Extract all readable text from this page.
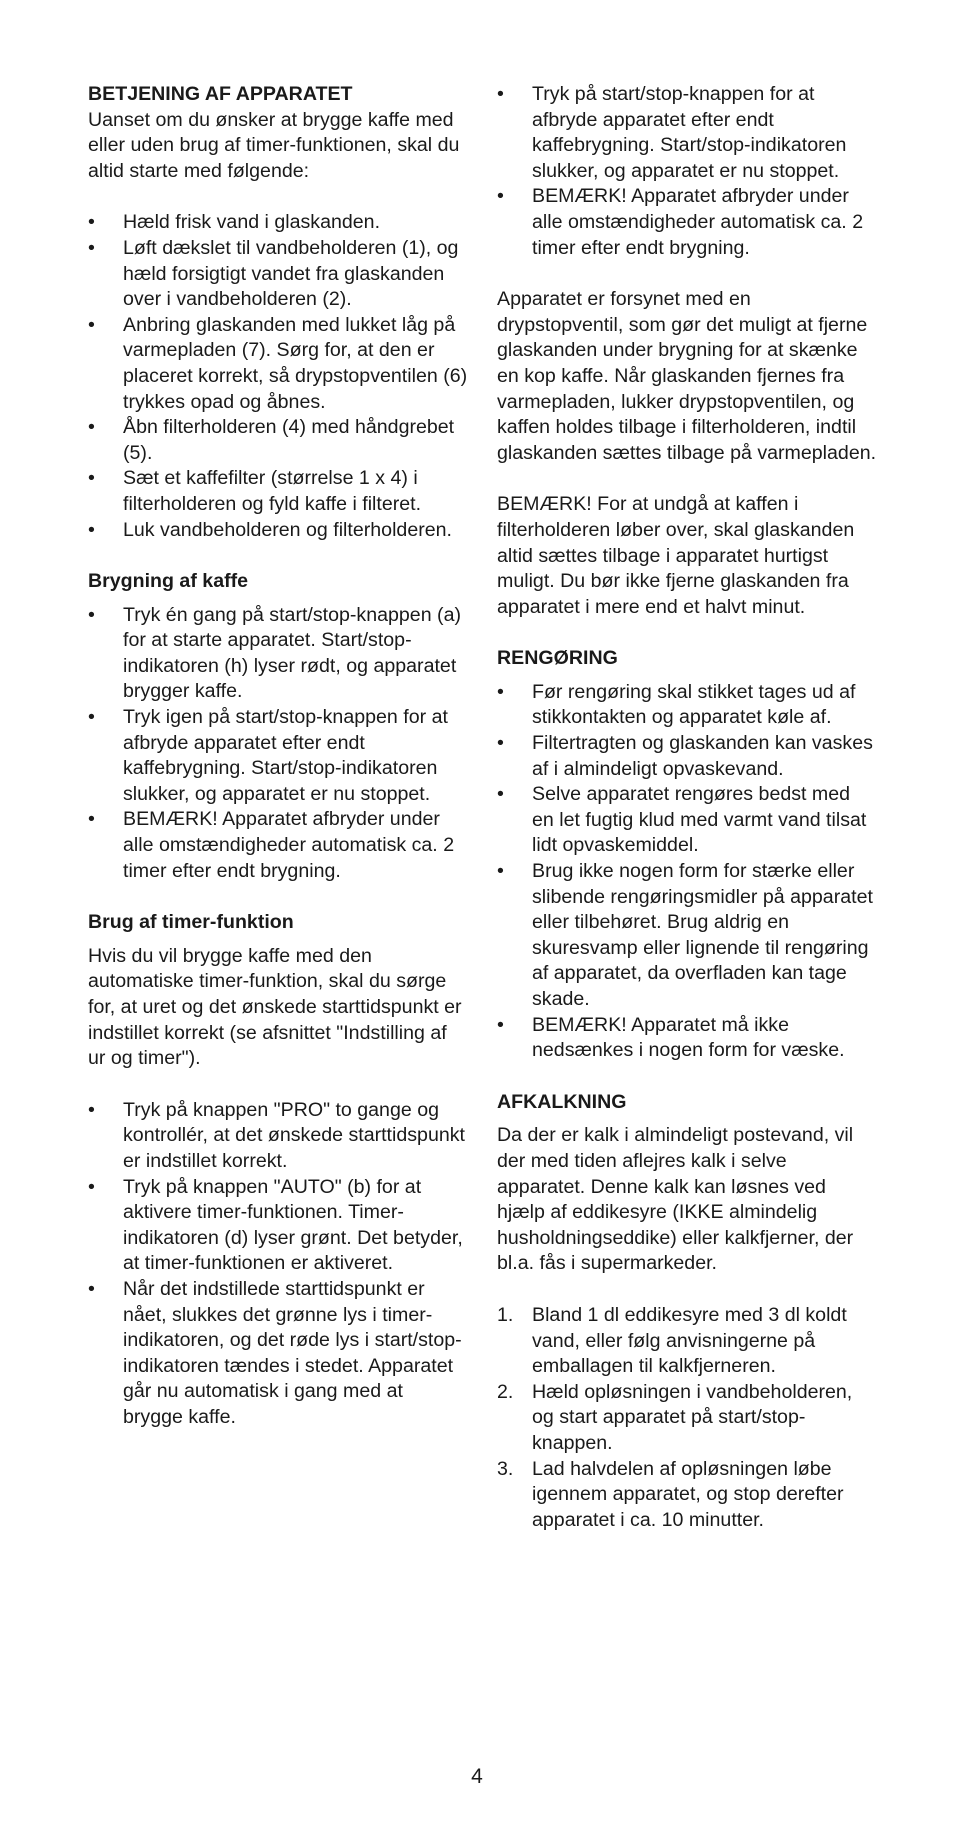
BETJENING AF APPARATET

Uanset om du ønsker at brygge kaffe med eller uden brug af timer-funktionen, skal du altid starte med følgende:

•	Hæld frisk vand i glaskanden.
•	Løft dækslet til vandbeholderen (1), og hæld forsigtigt vandet fra glaskanden over i vandbeholderen (2).
•	Anbring glaskanden med lukket låg på varmepladen (7). Sørg for, at den er placeret korrekt, så drypstopventilen (6) trykkes opad og åbnes.
•	Åbn filterholderen (4) med håndgrebet (5).
•	Sæt et kaffefilter (størrelse 1 x 4) i filterholderen og fyld kaffe i filteret.
•	Luk vandbeholderen og filterholderen.
Brygning af kaffe
•	Tryk én gang på start/stop-knappen (a) for at starte apparatet. Start/stop-indikatoren (h) lyser rødt, og apparatet brygger kaffe.
•	Tryk igen på start/stop-knappen for at afbryde apparatet efter endt kaffebrygning. Start/stop-indikatoren slukker, og apparatet er nu stoppet.
•	BEMÆRK! Apparatet afbryder under alle omstændigheder automatisk ca. 2 timer efter endt brygning.
Brug af timer-funktion

Hvis du vil brygge kaffe med den automatiske timer-funktion, skal du sørge for, at uret og det ønskede starttidspunkt er indstillet korrekt (se afsnittet "Indstilling af ur og timer").

•	Tryk på knappen "PRO" to gange og kontrollér, at det ønskede starttidspunkt er indstillet korrekt.
•	Tryk på knappen "AUTO" (b) for at aktivere timer-funktionen. Timer-indikatoren (d) lyser grønt. Det betyder, at timer-funktionen er aktiveret.
•	Når det indstillede starttidspunkt er nået, slukkes det grønne lys i timer-indikatoren, og det røde lys i start/stop-indikatoren tændes i stedet. Apparatet går nu automatisk i gang med at brygge kaffe.
•	Tryk på start/stop-knappen for at afbryde apparatet efter endt kaffebrygning. Start/stop-indikatoren slukker, og apparatet er nu stoppet.
•	BEMÆRK! Apparatet afbryder under alle omstændigheder automatisk ca. 2 timer efter endt brygning.

Apparatet er forsynet med en drypstopventil, som gør det muligt at fjerne glaskanden under brygning for at skænke en kop kaffe. Når glaskanden fjernes fra varmepladen, lukker drypstopventilen, og kaffen holdes tilbage i filterholderen, indtil glaskanden sættes tilbage på varmepladen.

BEMÆRK! For at undgå at kaffen i filterholderen løber over, skal glaskanden altid sættes tilbage i apparatet hurtigst muligt. Du bør ikke fjerne glaskanden fra apparatet i mere end et halvt minut.

RENGØRING
•	Før rengøring skal stikket tages ud af stikkontakten og apparatet køle af.
•	Filtertragten og glaskanden kan vaskes af i almindeligt opvaskevand.
•	Selve apparatet rengøres bedst med en let fugtig klud med varmt vand tilsat lidt opvaskemiddel.
•	Brug ikke nogen form for stærke eller slibende rengøringsmidler på apparatet eller tilbehøret. Brug aldrig en skuresvamp eller lignende til rengøring af apparatet, da overfladen kan tage skade.
•	BEMÆRK! Apparatet må ikke nedsænkes i nogen form for væske.
AFKALKNING

Da der er kalk i almindeligt postevand, vil der med tiden aflejres kalk i selve apparatet. Denne kalk kan løsnes ved hjælp af eddikesyre (IKKE almindelig husholdningseddike) eller kalkfjerner, der bl.a. fås i supermarkeder.

1. Bland 1 dl eddikesyre med 3 dl koldt vand, eller følg anvisningerne på emballagen til kalkfjerneren.
2. Hæld opløsningen i vandbeholderen, og start apparatet på start/stop-knappen.
3. Lad halvdelen af opløsningen løbe igennem apparatet, og stop derefter apparatet i ca. 10 minutter.
4
